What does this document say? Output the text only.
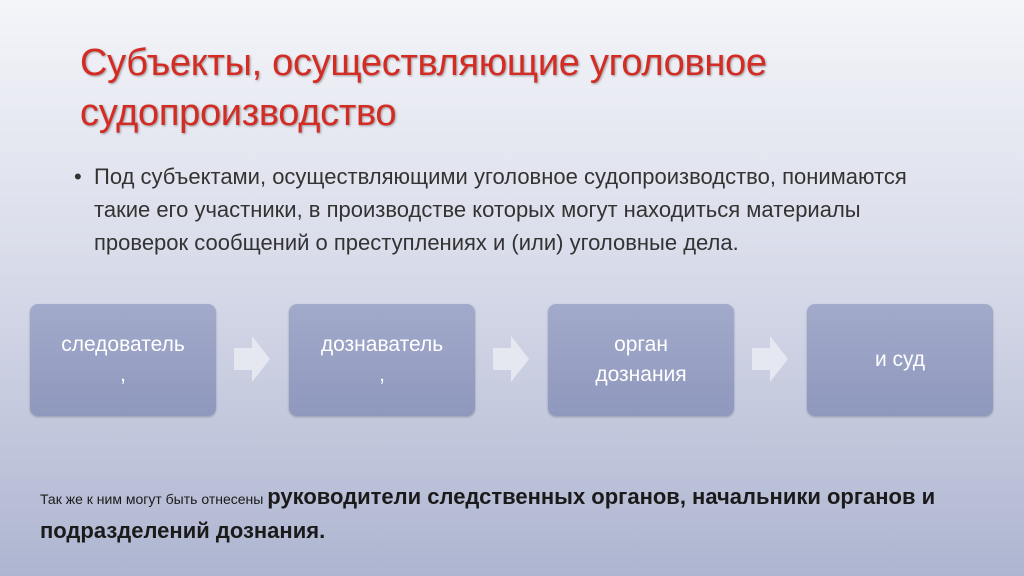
Субъекты, осуществляющие уголовное судопроизводство
• Под субъектами, осуществляющими уголовное судопроизводство, понимаются такие его участники, в производстве которых могут находиться материалы проверок сообщений о преступлениях и (или) уголовные дела.
следователь
,
дознаватель
,
орган
дознания
и суд
Так же к ним могут быть отнесены руководители следственных органов, начальники органов и подразделений дознания.
